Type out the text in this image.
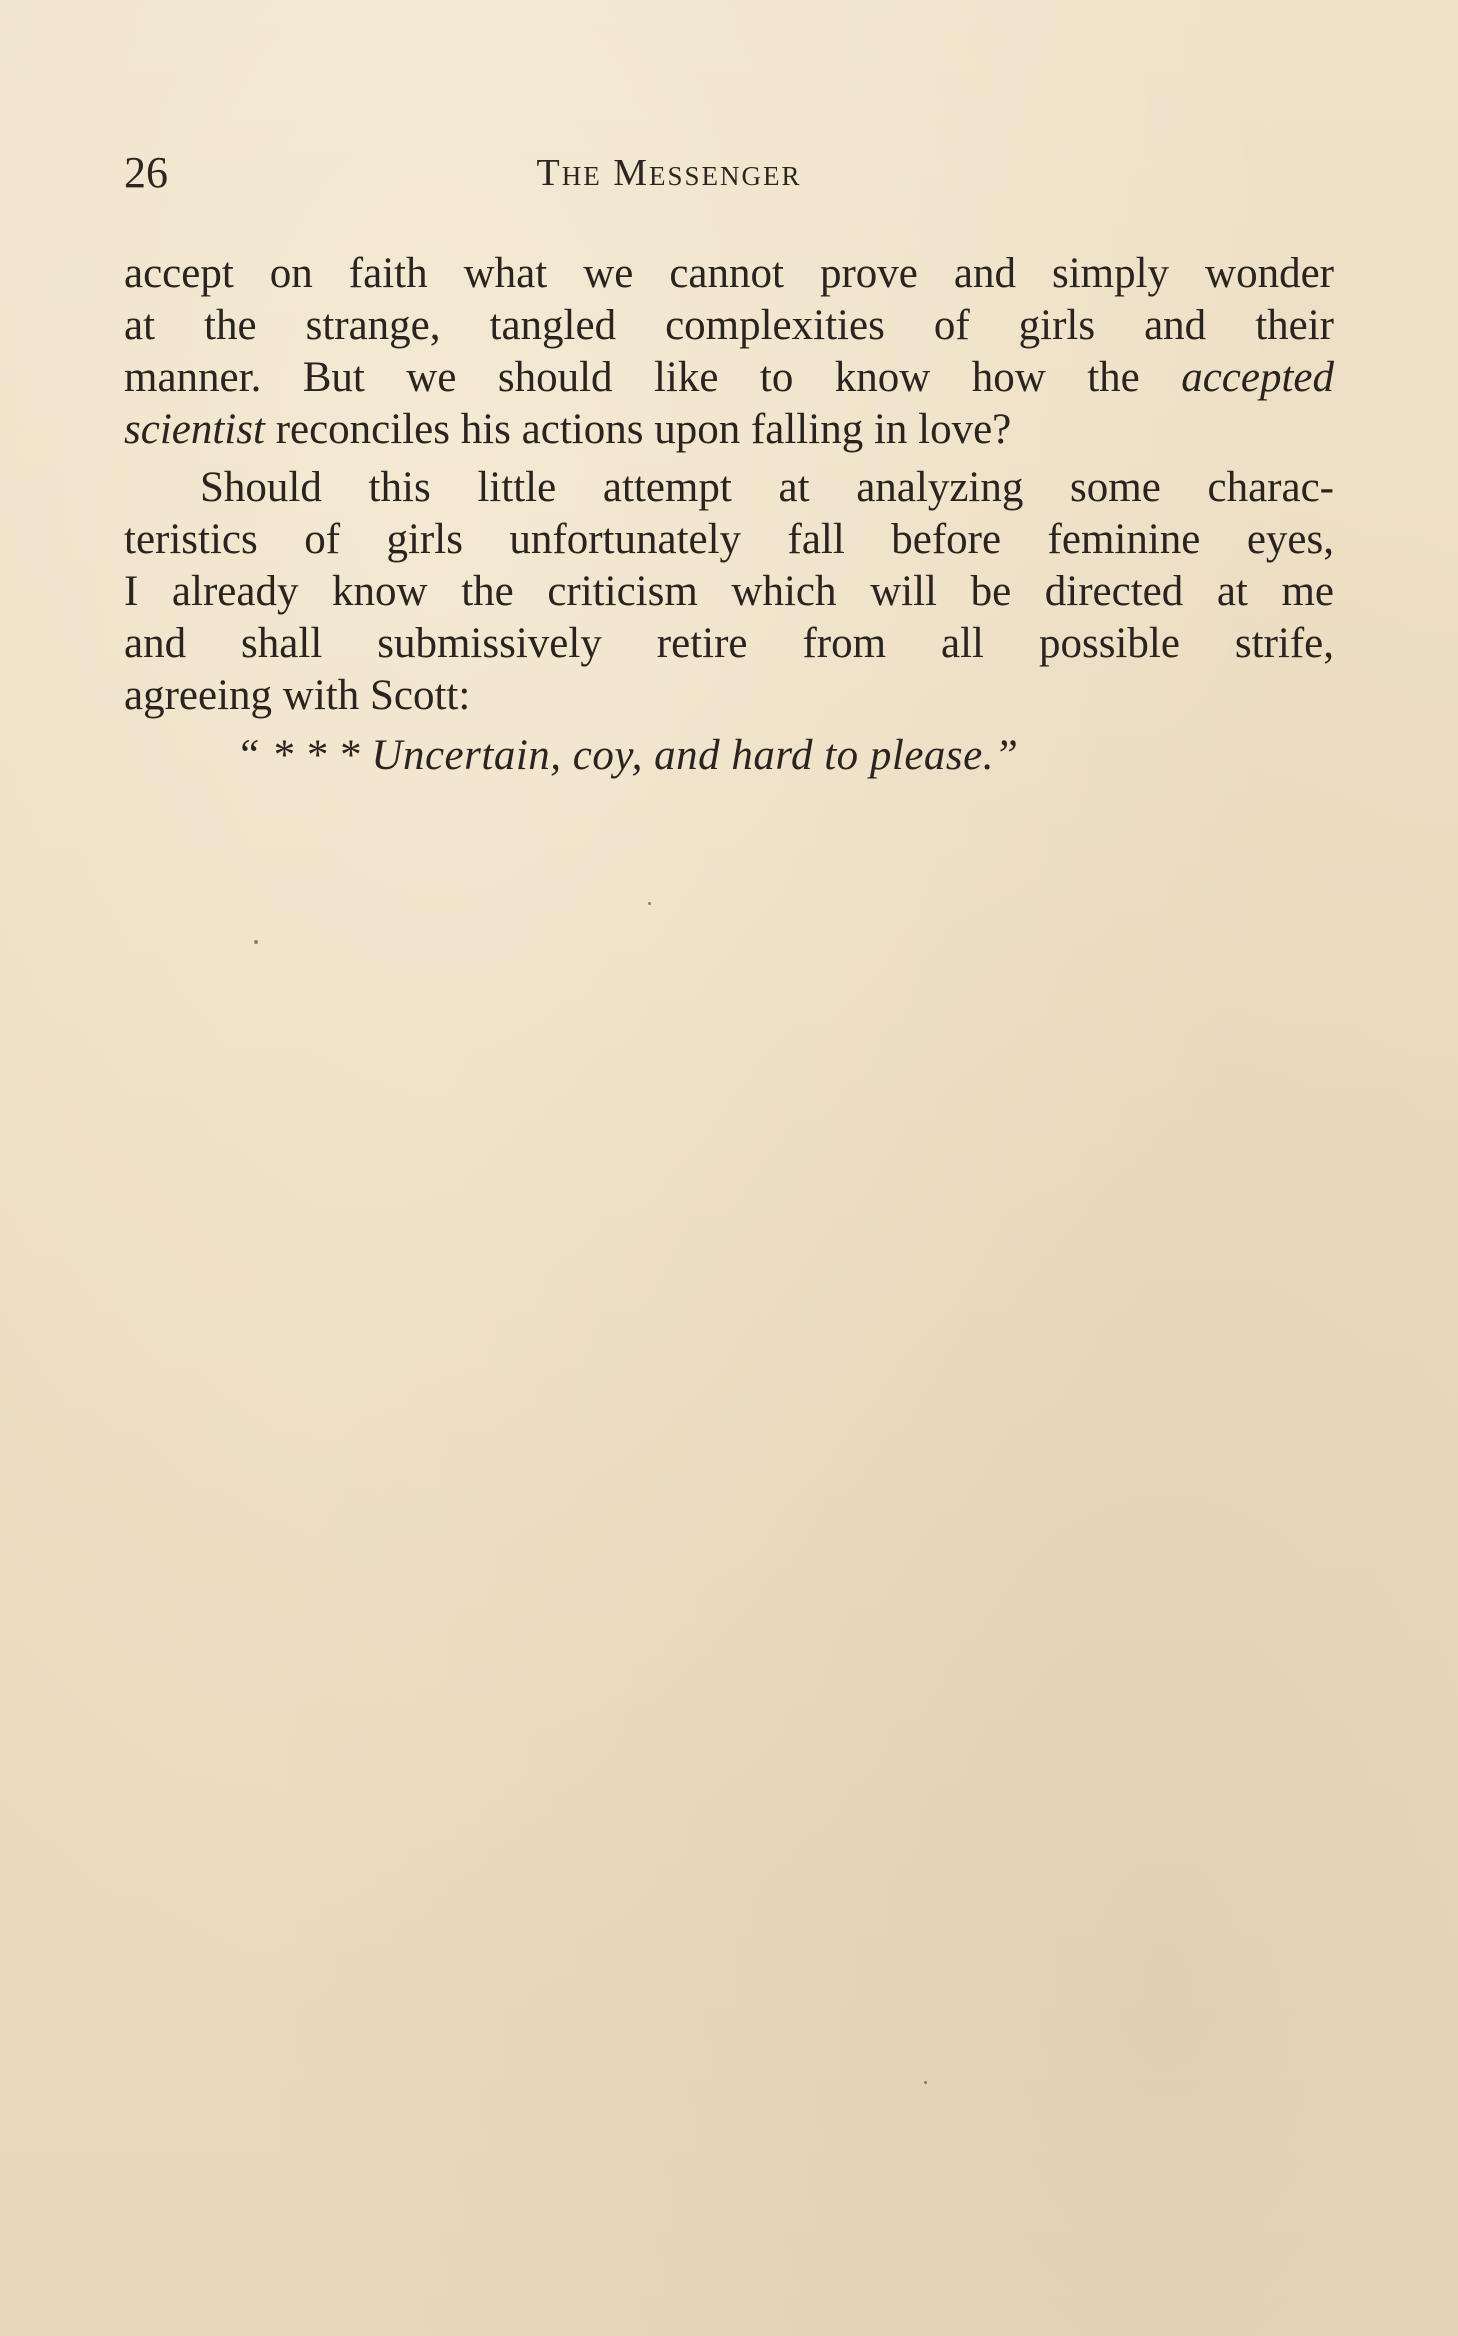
26	The Messenger

accept on faith what we cannot prove and simply wonder
at the strange, tangled complexities of girls and their
manner. But we should like to know how the accepted
scientist reconciles his actions upon falling in love?

Should this little attempt at analyzing some charac-
teristics of girls unfortunately fall before feminine eyes,
I already know the criticism which will be directed at me
and shall submissively retire from all possible strife,
agreeing with Scott:

“ * * * Uncertain, coy, and hard to please.”
